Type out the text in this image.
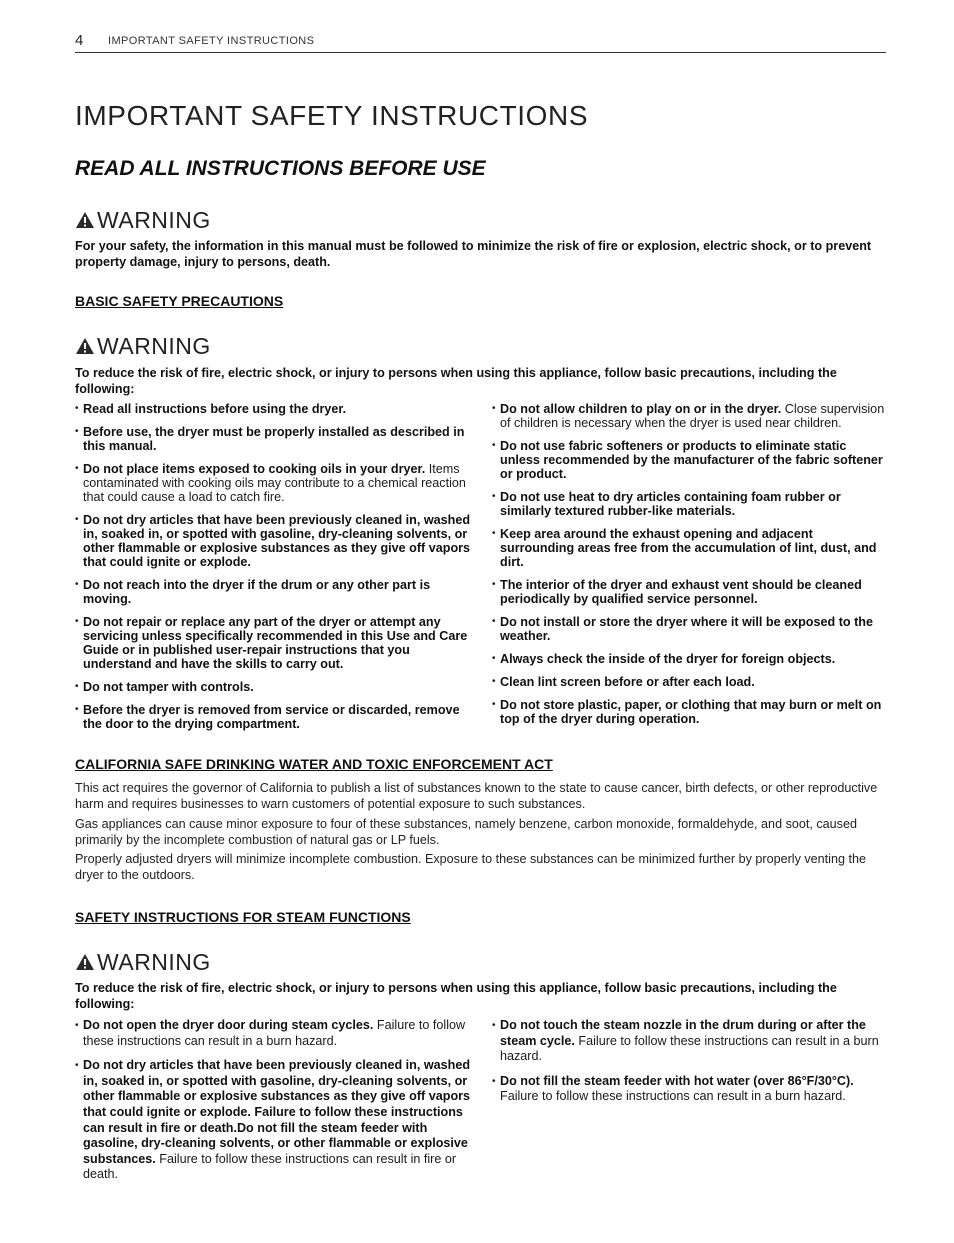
4 IMPORTANT SAFETY INSTRUCTIONS
IMPORTANT SAFETY INSTRUCTIONS
READ ALL INSTRUCTIONS BEFORE USE
WARNING

For your safety, the information in this manual must be followed to minimize the risk of fire or explosion, electric shock, or to prevent property damage, injury to persons, death.

BASIC SAFETY PRECAUTIONS
WARNING

To reduce the risk of fire, electric shock, or injury to persons when using this appliance, follow basic precautions, including the following:

• Read all instructions before using the dryer.
• Before use, the dryer must be properly installed as described in this manual.
• Do not place items exposed to cooking oils in your dryer. Items contaminated with cooking oils may contribute to a chemical reaction that could cause a load to catch fire.
• Do not dry articles that have been previously cleaned in, washed in, soaked in, or spotted with gasoline, dry-cleaning solvents, or other flammable or explosive substances as they give off vapors that could ignite or explode.
• Do not reach into the dryer if the drum or any other part is moving.
• Do not repair or replace any part of the dryer or attempt any servicing unless specifically recommended in this Use and Care Guide or in published user-repair instructions that you understand and have the skills to carry out.
• Do not tamper with controls.
• Before the dryer is removed from service or discarded, remove the door to the drying compartment.
• Do not allow children to play on or in the dryer. Close supervision of children is necessary when the dryer is used near children.
• Do not use fabric softeners or products to eliminate static unless recommended by the manufacturer of the fabric softener or product.
• Do not use heat to dry articles containing foam rubber or similarly textured rubber-like materials.
• Keep area around the exhaust opening and adjacent surrounding areas free from the accumulation of lint, dust, and dirt.
• The interior of the dryer and exhaust vent should be cleaned periodically by qualified service personnel.
• Do not install or store the dryer where it will be exposed to the weather.
• Always check the inside of the dryer for foreign objects.
• Clean lint screen before or after each load.
• Do not store plastic, paper, or clothing that may burn or melt on top of the dryer during operation.
CALIFORNIA SAFE DRINKING WATER AND TOXIC ENFORCEMENT ACT

This act requires the governor of California to publish a list of substances known to the state to cause cancer, birth defects, or other reproductive harm and requires businesses to warn customers of potential exposure to such substances.

Gas appliances can cause minor exposure to four of these substances, namely benzene, carbon monoxide, formaldehyde, and soot, caused primarily by the incomplete combustion of natural gas or LP fuels.

Properly adjusted dryers will minimize incomplete combustion. Exposure to these substances can be minimized further by properly venting the dryer to the outdoors.

SAFETY INSTRUCTIONS FOR STEAM FUNCTIONS
WARNING

To reduce the risk of fire, electric shock, or injury to persons when using this appliance, follow basic precautions, including the following:

• Do not open the dryer door during steam cycles. Failure to follow these instructions can result in a burn hazard.
• Do not dry articles that have been previously cleaned in, washed in, soaked in, or spotted with gasoline, dry-cleaning solvents, or other flammable or explosive substances as they give off vapors that could ignite or explode. Failure to follow these instructions can result in fire or death.Do not fill the steam feeder with gasoline, dry-cleaning solvents, or other flammable or explosive substances. Failure to follow these instructions can result in fire or death.
• Do not touch the steam nozzle in the drum during or after the steam cycle. Failure to follow these instructions can result in a burn hazard.
• Do not fill the steam feeder with hot water (over 86°F/30°C). Failure to follow these instructions can result in a burn hazard.
